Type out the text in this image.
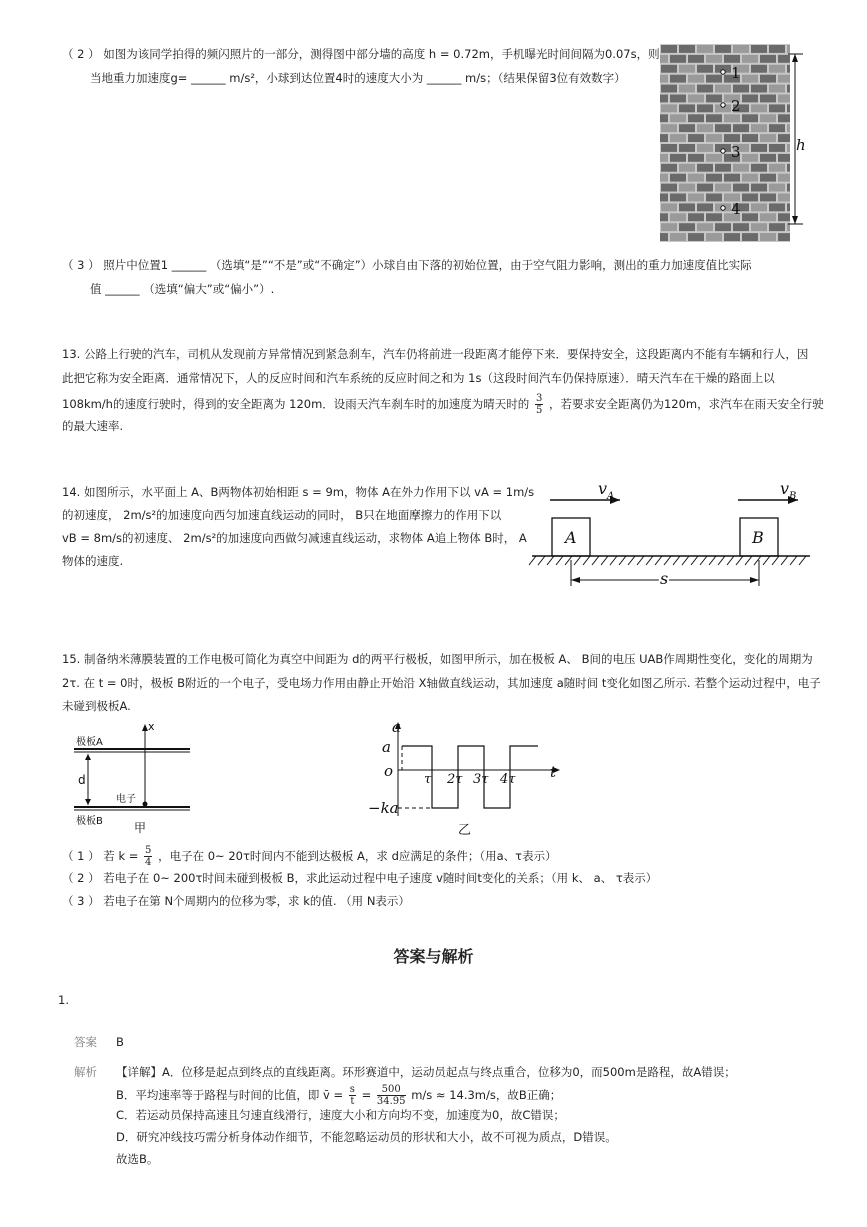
（ 2 ） 如图为该同学拍得的频闪照片的一部分，测得图中部分墙的高度 h = 0.72m，手机曝光时间间隔为0.07s，则
当地重力加速度g= ______ m/s²，小球到达位置4时的速度大小为 ______ m/s；（结果保留3位有效数字）
h
1
2
3
4
（ 3 ） 照片中位置1 ______ （选填“是”“不是”或“不确定”）小球自由下落的初始位置，由于空气阻力影响，测出的重力加速度值比实际
值 ______ （选填“偏大”或“偏小”）.
13. 公路上行驶的汽车，司机从发现前方异常情况到紧急刹车，汽车仍将前进一段距离才能停下来．要保持安全，这段距离内不能有车辆和行人，因
此把它称为安全距离．通常情况下，人的反应时间和汽车系统的反应时间之和为 1s（这段时间汽车仍保持原速）．晴天汽车在干燥的路面上以
108km/h的速度行驶时，得到的安全距离为 120m．设雨天汽车刹车时的加速度为晴天时的 $\frac{3}{5}$ ，若要求安全距离仍为120m，求汽车在雨天安全行驶
的最大速率.
14. 如图所示，水平面上 A、B两物体初始相距 s = 9m，物体 A在外力作用下以 vA = 1m/s
的初速度， 2m/s²的加速度向西匀加速直线运动的同时， B只在地面摩擦力的作用下以
vB = 8m/s的初速度、 2m/s²的加速度向西做匀减速直线运动，求物体 A追上物体 B时， A
物体的速度.
$v_A$	$v_B$
A	B
s
15. 制备纳米薄膜装置的工作电极可简化为真空中间距为 d的两平行极板，如图甲所示，加在极板 A、 B间的电压 UAB作周期性变化，变化的周期为
2τ. 在 t = 0时，极板 B附近的一个电子，受电场力作用由静止开始沿 X轴做直线运动，其加速度 a随时间 t变化如图乙所示. 若整个运动过程中，电子
未碰到极板A.
极板A
极板B
d
x
电子
甲
a
a
o	t
−ka
τ 2τ 3τ 4τ
乙
（ 1 ） 若 $k = \frac{5}{4}$ ，电子在 0~ 20τ时间内不能到达极板 A，求 d应满足的条件；（用a、τ表示）
（ 2 ） 若电子在 0~ 200τ时间未碰到极板 B，求此运动过程中电子速度 v随时间t变化的关系；（用 k、 a、 τ表示）
（ 3 ） 若电子在第 N个周期内的位移为零，求 k的值. （用 N表示）
答案与解析
1.
答案 B
解析 【详解】A．位移是起点到终点的直线距离。环形赛道中，运动员起点与终点重合，位移为0，而500m是路程，故A错误；
B．平均速率等于路程与时间的比值，即 v̄ = $\frac{s}{t} = \frac{500}{34.95} m/s \approx 14.3m/s$，故B正确；
C．若运动员保持高速且匀速直线滑行，速度大小和方向均不变，加速度为0，故C错误；
D．研究冲线技巧需分析身体动作细节，不能忽略运动员的形状和大小，故不可视为质点，D错误。
故选B。
